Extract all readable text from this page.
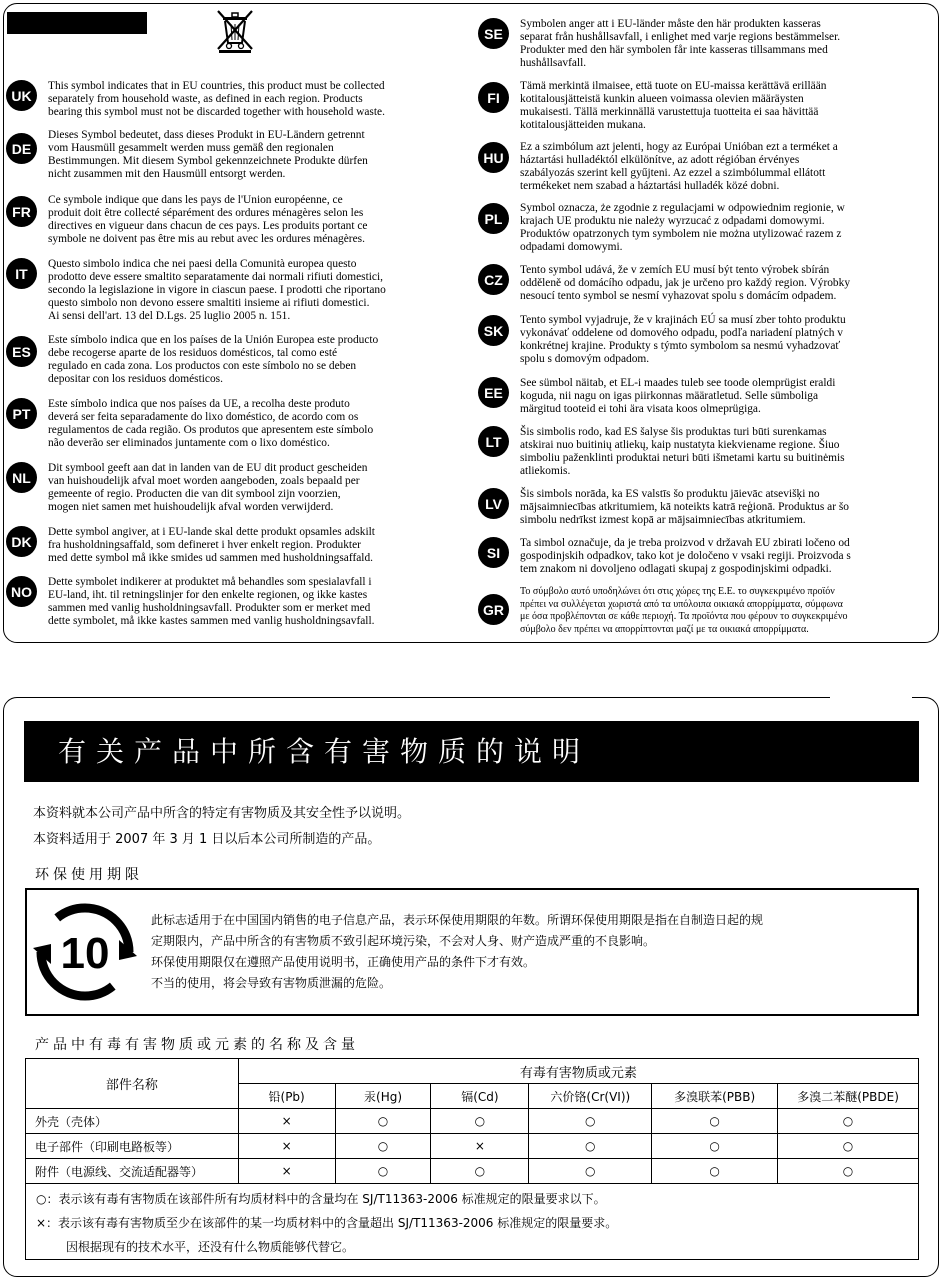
UK
This symbol indicates that in EU countries, this product must be collected
separately from household waste, as defined in each region. Products
bearing this symbol must not be discarded together with household waste.
DE
Dieses Symbol bedeutet, dass dieses Produkt in EU-Ländern getrennt
vom Hausmüll gesammelt werden muss gemäß den regionalen
Bestimmungen. Mit diesem Symbol gekennzeichnete Produkte dürfen
nicht zusammen mit den Hausmüll entsorgt werden.
FR
Ce symbole indique que dans les pays de l'Union européenne, ce
produit doit être collecté séparément des ordures ménagères selon les
directives en vigueur dans chacun de ces pays. Les produits portant ce
symbole ne doivent pas être mis au rebut avec les ordures ménagères.
IT
Questo simbolo indica che nei paesi della Comunità europea questo
prodotto deve essere smaltito separatamente dai normali rifiuti domestici,
secondo la legislazione in vigore in ciascun paese. I prodotti che riportano
questo simbolo non devono essere smaltiti insieme ai rifiuti domestici.
Ai sensi dell'art. 13 del D.Lgs. 25 luglio 2005 n. 151.
ES
Este símbolo indica que en los países de la Unión Europea este producto
debe recogerse aparte de los residuos domésticos, tal como esté
regulado en cada zona. Los productos con este símbolo no se deben
depositar con los residuos domésticos.
PT
Este símbolo indica que nos países da UE, a recolha deste produto
deverá ser feita separadamente do lixo doméstico, de acordo com os
regulamentos de cada região. Os produtos que apresentem este símbolo
não deverão ser eliminados juntamente com o lixo doméstico.
NL
Dit symbool geeft aan dat in landen van de EU dit product gescheiden
van huishoudelijk afval moet worden aangeboden, zoals bepaald per
gemeente of regio. Producten die van dit symbool zijn voorzien,
mogen niet samen met huishoudelijk afval worden verwijderd.
DK
Dette symbol angiver, at i EU-lande skal dette produkt opsamles adskilt
fra husholdningsaffald, som defineret i hver enkelt region. Produkter
med dette symbol må ikke smides ud sammen med husholdningsaffald.
NO
Dette symbolet indikerer at produktet må behandles som spesialavfall i
EU-land, iht. til retningslinjer for den enkelte regionen, og ikke kastes
sammen med vanlig husholdningsavfall. Produkter som er merket med
dette symbolet, må ikke kastes sammen med vanlig husholdningsavfall.
SE
Symbolen anger att i EU-länder måste den här produkten kasseras
separat från hushållsavfall, i enlighet med varje regions bestämmelser.
Produkter med den här symbolen får inte kasseras tillsammans med
hushållsavfall.
FI
Tämä merkintä ilmaisee, että tuote on EU-maissa kerättävä erillään
kotitalousjätteistä kunkin alueen voimassa olevien määräysten
mukaisesti. Tällä merkinnällä varustettuja tuotteita ei saa hävittää
kotitalousjätteiden mukana.
HU
Ez a szimbólum azt jelenti, hogy az Európai Unióban ezt a terméket a
háztartási hulladéktól elkülönítve, az adott régióban érvényes
szabályozás szerint kell gyűjteni. Az ezzel a szimbólummal ellátott
termékeket nem szabad a háztartási hulladék közé dobni.
PL
Symbol oznacza, że zgodnie z regulacjami w odpowiednim regionie, w
krajach UE produktu nie należy wyrzucać z odpadami domowymi.
Produktów opatrzonych tym symbolem nie można utylizować razem z
odpadami domowymi.
CZ
Tento symbol udává, že v zemích EU musí být tento výrobek sbírán
odděleně od domácího odpadu, jak je určeno pro každý region. Výrobky
nesoucí tento symbol se nesmí vyhazovat spolu s domácím odpadem.
SK
Tento symbol vyjadruje, že v krajinách EÚ sa musí zber tohto produktu
vykonávať oddelene od domového odpadu, podľa nariadení platných v
konkrétnej krajine. Produkty s týmto symbolom sa nesmú vyhadzovať
spolu s domovým odpadom.
EE
See sümbol näitab, et EL-i maades tuleb see toode olemprügist eraldi
koguda, nii nagu on igas piirkonnas määratletud. Selle sümboliga
märgitud tooteid ei tohi ära visata koos olmeprügiga.
LT
Šis simbolis rodo, kad ES šalyse šis produktas turi būti surenkamas
atskirai nuo buitinių atliekų, kaip nustatyta kiekviename regione. Šiuo
simboliu paženklinti produktai neturi būti išmetami kartu su buitinėmis
atliekomis.
LV
Šis simbols norāda, ka ES valstīs šo produktu jāievāc atsevišķi no
mājsaimniecības atkritumiem, kā noteikts katrā reģionā. Produktus ar šo
simbolu nedrīkst izmest kopā ar mājsaimniecības atkritumiem.
SI
Ta simbol označuje, da je treba proizvod v državah EU zbirati ločeno od
gospodinjskih odpadkov, tako kot je določeno v vsaki regiji. Proizvoda s
tem znakom ni dovoljeno odlagati skupaj z gospodinjskimi odpadki.
GR
Το σύμβολο αυτό υποδηλώνει ότι στις χώρες της Ε.Ε. το συγκεκριμένο προϊόν
πρέπει να συλλέγεται χωριστά από τα υπόλοιπα οικιακά απορρίμματα, σύμφωνα
με όσα προβλέπονται σε κάθε περιοχή. Τα προϊόντα που φέρουν το συγκεκριμένο
σύμβολο δεν πρέπει να απορρίπτονται μαζί με τα οικιακά απορρίμματα.
有关产品中所含有害物质的说明
本资料就本公司产品中所含的特定有害物质及其安全性予以说明。
本资料适用于 2007 年 3 月 1 日以后本公司所制造的产品。
环保使用期限
10
此标志适用于在中国国内销售的电子信息产品，表示环保使用期限的年数。所谓环保使用期限是指在自制造日起的规
定期限内，产品中所含的有害物质不致引起环境污染，不会对人身、财产造成严重的不良影响。
环保使用期限仅在遵照产品使用说明书，正确使用产品的条件下才有效。
不当的使用，将会导致有害物质泄漏的危险。
产品中有毒有害物质或元素的名称及含量
部件名称	有毒有害物质或元素					
	铅(Pb)	汞(Hg)	镉(Cd)	六价铬(Cr(VI))	多溴联苯(PBB)	多溴二苯醚(PBDE)
外壳（壳体）	×	○	○	○	○	○
电子部件（印刷电路板等）	×	○	×	○	○	○
附件（电源线、交流适配器等）	×	○	○	○	○	○
○：表示该有毒有害物质在该部件所有均质材料中的含量均在 SJ/T11363-2006 标准规定的限量要求以下。
×：表示该有毒有害物质至少在该部件的某一均质材料中的含量超出 SJ/T11363-2006 标准规定的限量要求。
因根据现有的技术水平，还没有什么物质能够代替它。
